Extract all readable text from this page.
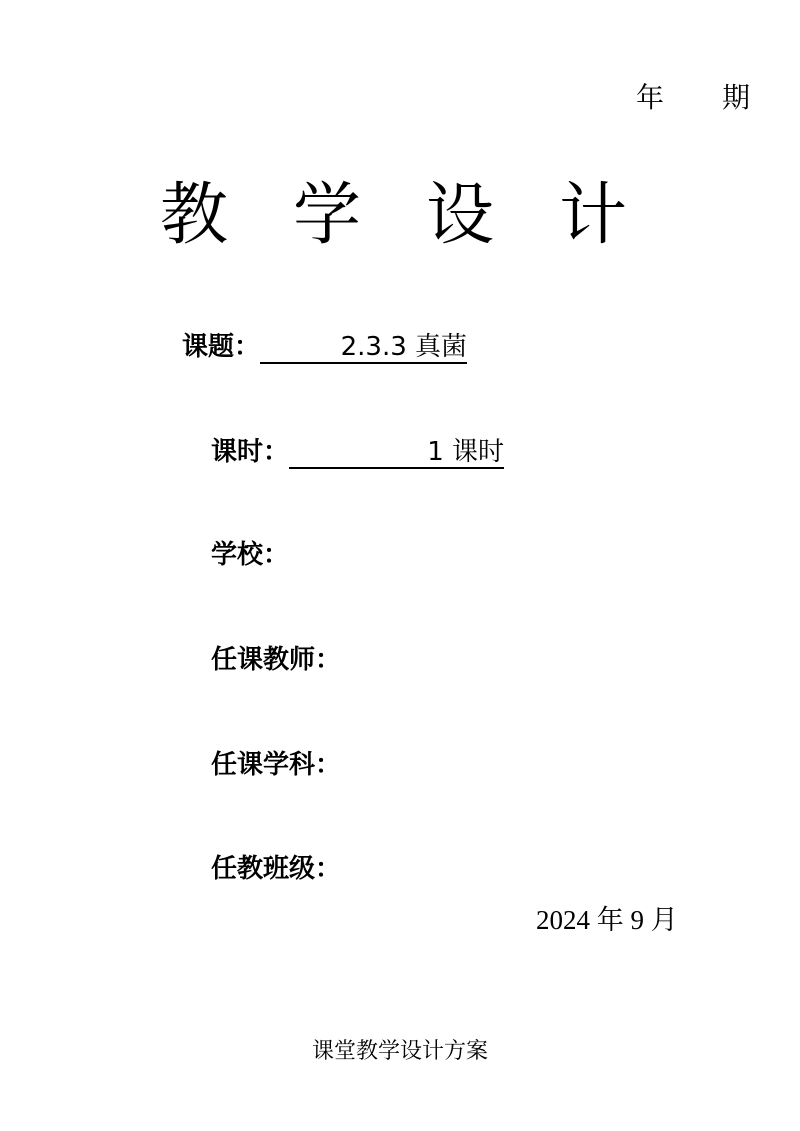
年 期
教 学 设 计
课题：	2.3.3 真菌
课时：	1 课时
学校：
任课教师：
任课学科：
任教班级：
2024 年 9 月
课堂教学设计方案
